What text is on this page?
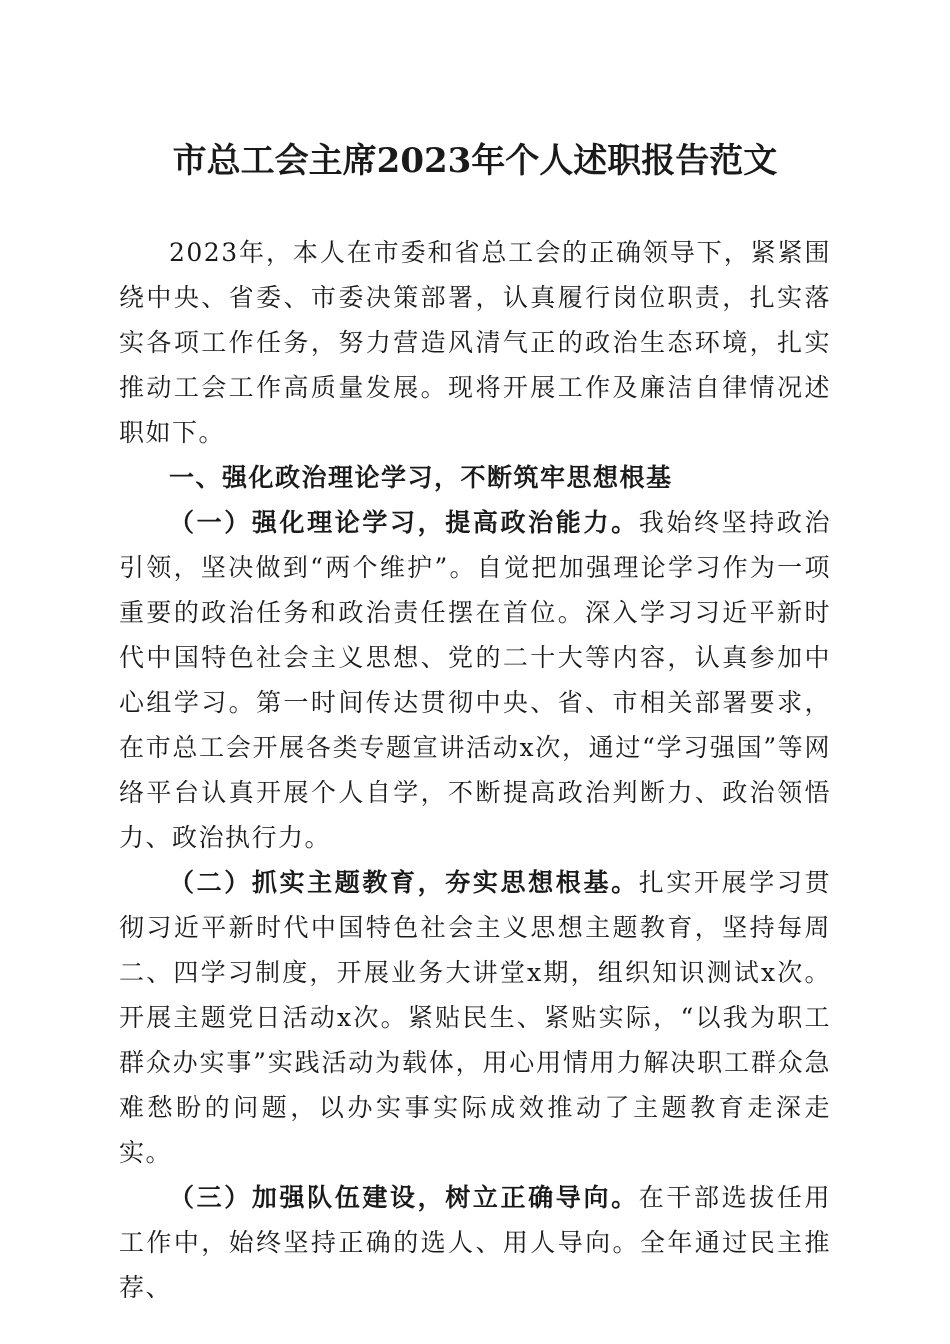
市总工会主席2023年个人述职报告范文

2023年，本人在市委和省总工会的正确领导下，紧紧围绕中央、省委、市委决策部署，认真履行岗位职责，扎实落实各项工作任务，努力营造风清气正的政治生态环境，扎实推动工会工作高质量发展。现将开展工作及廉洁自律情况述职如下。

一、强化政治理论学习，不断筑牢思想根基

（一）强化理论学习，提高政治能力。我始终坚持政治引领，坚决做到“两个维护”。自觉把加强理论学习作为一项重要的政治任务和政治责任摆在首位。深入学习习近平新时代中国特色社会主义思想、党的二十大等内容，认真参加中心组学习。第一时间传达贯彻中央、省、市相关部署要求，在市总工会开展各类专题宣讲活动x次，通过“学习强国”等网络平台认真开展个人自学，不断提高政治判断力、政治领悟力、政治执行力。

（二）抓实主题教育，夯实思想根基。扎实开展学习贯彻习近平新时代中国特色社会主义思想主题教育，坚持每周二、四学习制度，开展业务大讲堂x期，组织知识测试x次。开展主题党日活动x次。紧贴民生、紧贴实际，“以我为职工群众办实事”实践活动为载体，用心用情用力解决职工群众急难愁盼的问题，以办实事实际成效推动了主题教育走深走实。

（三）加强队伍建设，树立正确导向。在干部选拔任用工作中，始终坚持正确的选人、用人导向。全年通过民主推荐、
